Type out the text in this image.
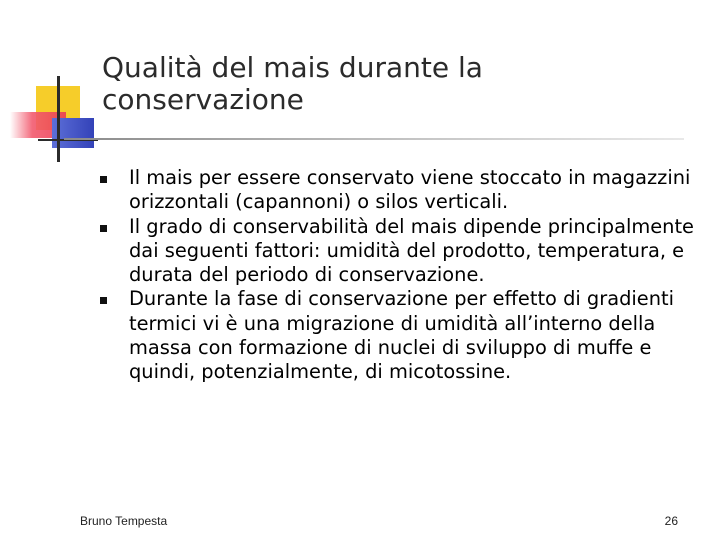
Qualità del mais durante la conservazione
Il mais per essere conservato viene stoccato in magazzini orizzontali (capannoni) o silos verticali.
Il grado di conservabilità del mais dipende principalmente dai seguenti fattori: umidità del prodotto, temperatura, e durata del periodo di conservazione.
Durante la fase di conservazione per effetto di gradienti termici vi è una migrazione di umidità all’interno della massa con formazione di nuclei di sviluppo di muffe e quindi, potenzialmente, di micotossine.
Bruno Tempesta	26
